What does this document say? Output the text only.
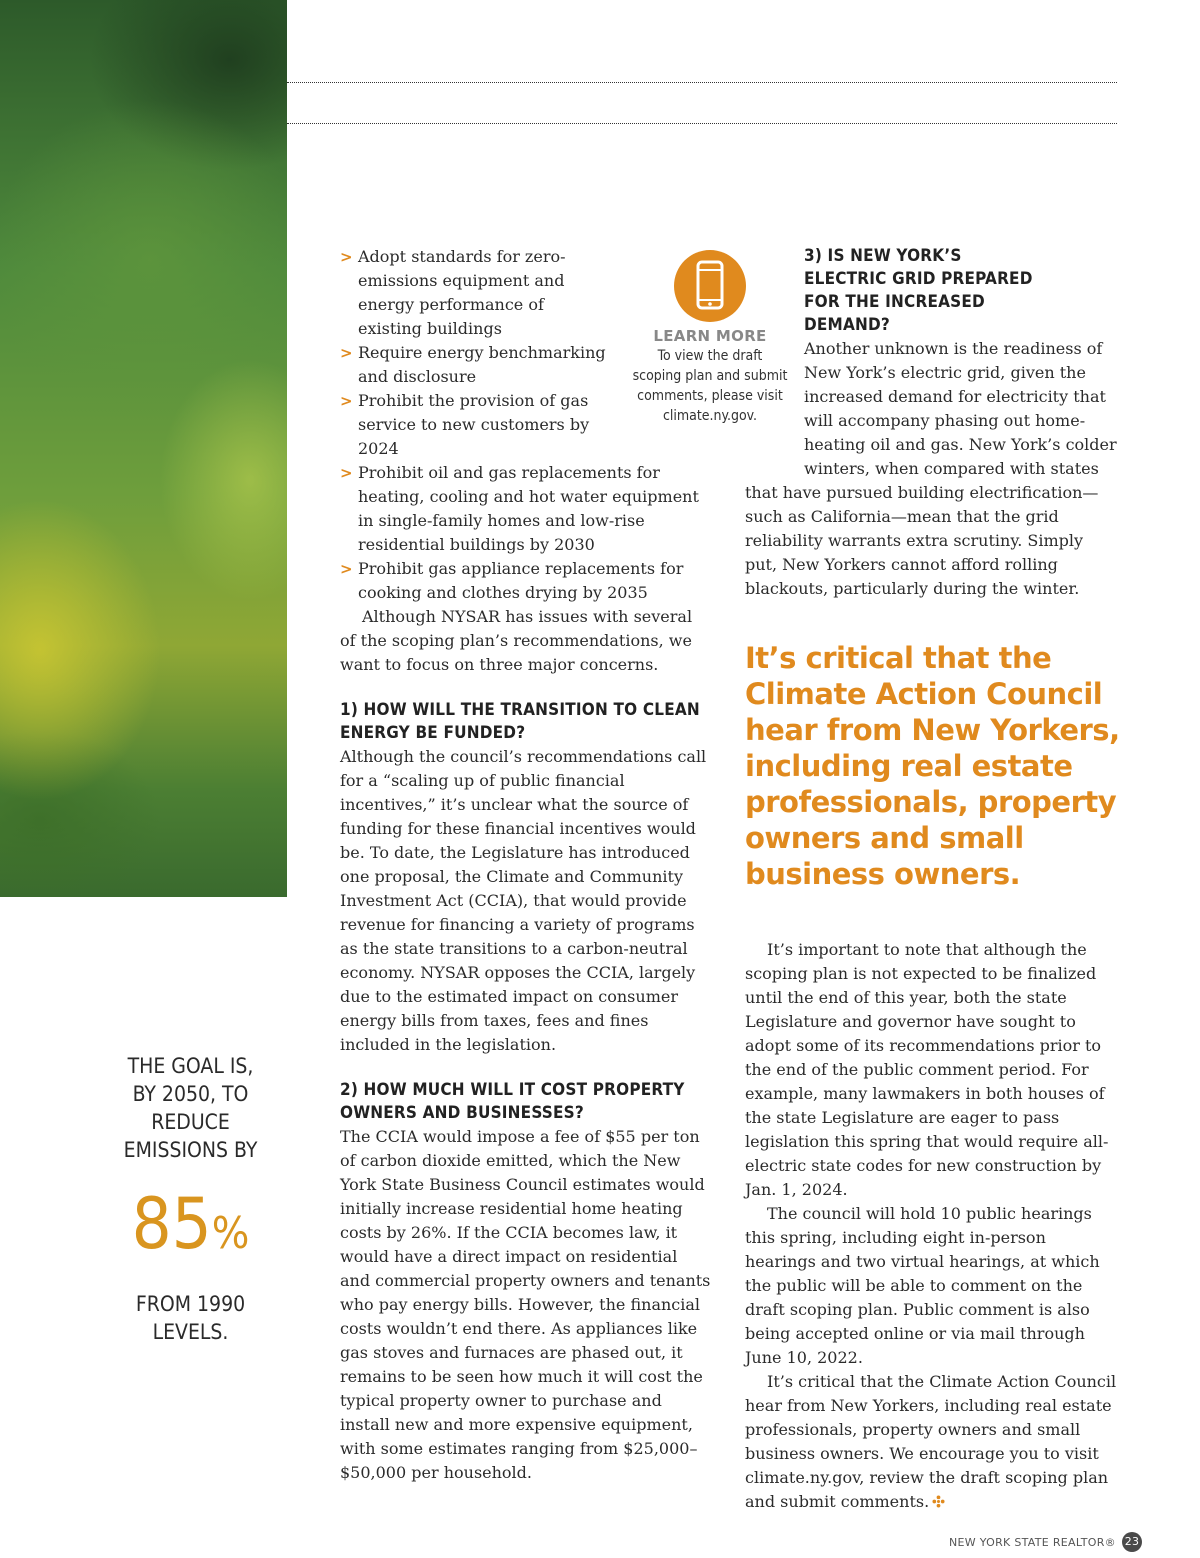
> Adopt standards for zero-emissions equipment and energy performance of existing buildings
> Require energy benchmarking and disclosure
> Prohibit the provision of gas service to new customers by 2024
> Prohibit oil and gas replacements for heating, cooling and hot water equipment in single-family homes and low-rise residential buildings by 2030
> Prohibit gas appliance replacements for cooking and clothes drying by 2035

Although NYSAR has issues with several of the scoping plan’s recommendations, we want to focus on three major concerns.

1) HOW WILL THE TRANSITION TO CLEAN ENERGY BE FUNDED?

Although the council’s recommendations call for a “scaling up of public financial incentives,” it’s unclear what the source of funding for these financial incentives would be. To date, the Legislature has introduced one proposal, the Climate and Community Investment Act (CCIA), that would provide revenue for financing a variety of programs as the state transitions to a carbon-neutral economy. NYSAR opposes the CCIA, largely due to the estimated impact on consumer energy bills from taxes, fees and fines included in the legislation.

2) HOW MUCH WILL IT COST PROPERTY OWNERS AND BUSINESSES?

The CCIA would impose a fee of $55 per ton of carbon dioxide emitted, which the New York State Business Council estimates would initially increase residential home heating costs by 26%. If the CCIA becomes law, it would have a direct impact on residential and commercial property owners and tenants who pay energy bills. However, the financial costs wouldn’t end there. As appliances like gas stoves and furnaces are phased out, it remains to be seen how much it will cost the typical property owner to purchase and install new and more expensive equipment, with some estimates ranging from $25,000–$50,000 per household.

LEARN MORE
To view the draft scoping plan and submit comments, please visit climate.ny.gov.
3) IS NEW YORK’S ELECTRIC GRID PREPARED FOR THE INCREASED DEMAND?

Another unknown is the readiness of New York’s electric grid, given the increased demand for electricity that will accompany phasing out home-heating oil and gas. New York’s colder winters, when compared with states that have pursued building electrification—such as California—mean that the grid reliability warrants extra scrutiny. Simply put, New Yorkers cannot afford rolling blackouts, particularly during the winter.

It’s critical that the Climate Action Council hear from New Yorkers, including real estate professionals, property owners and small business owners.

It’s important to note that although the scoping plan is not expected to be finalized until the end of this year, both the state Legislature and governor have sought to adopt some of its recommendations prior to the end of the public comment period. For example, many lawmakers in both houses of the state Legislature are eager to pass legislation this spring that would require all-electric state codes for new construction by Jan. 1, 2024.

The council will hold 10 public hearings this spring, including eight in-person hearings and two virtual hearings, at which the public will be able to comment on the draft scoping plan. Public comment is also being accepted online or via mail through June 10, 2022.

It’s critical that the Climate Action Council hear from New Yorkers, including real estate professionals, property owners and small business owners. We encourage you to visit climate.ny.gov, review the draft scoping plan and submit comments.

THE GOAL IS, BY 2050, TO REDUCE EMISSIONS BY
85%
FROM 1990 LEVELS.
NEW YORK STATE REALTOR® 23
